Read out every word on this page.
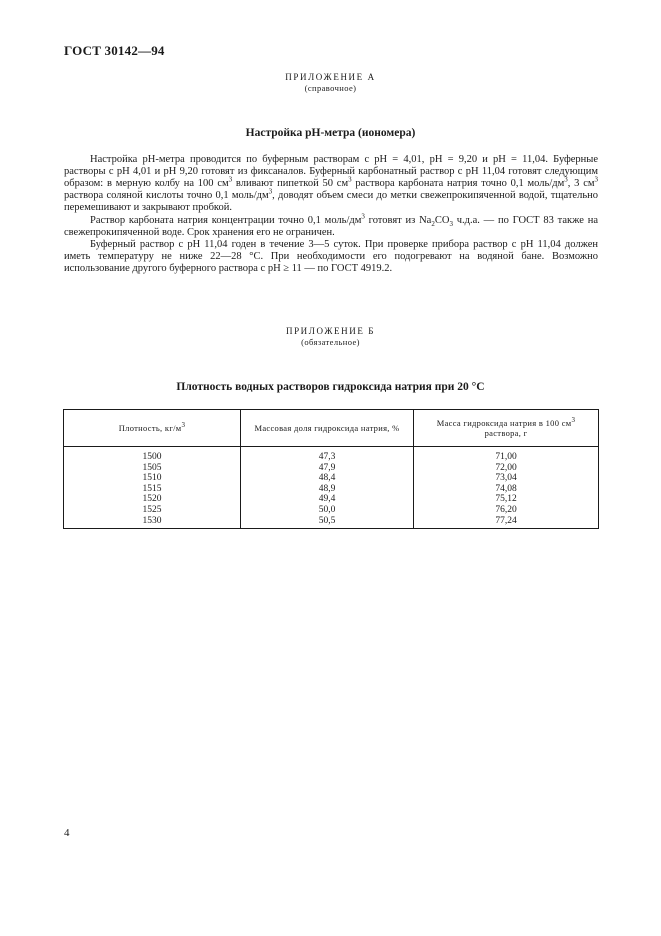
ГОСТ 30142—94
ПРИЛОЖЕНИЕ А
(справочное)
Настройка рН-метра (иономера)

Настройка рН-метра проводится по буферным растворам с рН = 4,01, рН = 9,20 и рН = 11,04. Буферные растворы с рН 4,01 и рН 9,20 готовят из фиксаналов. Буферный карбонатный раствор с рН 11,04 готовят следующим образом: в мерную колбу на 100 $см^3$ вливают пипеткой 50 $см^3$ раствора карбоната натрия точно 0,1 моль/$дм^3$, 3 $см^3$ раствора соляной кислоты точно 0,1 моль/$дм^3$, доводят объем смеси до метки свежепрокипяченной водой, тщательно перемешивают и закрывают пробкой.

Раствор карбоната натрия концентрации точно 0,1 моль/$дм^3$ готовят из $Na_2CO_3$ ч.д.а. — по ГОСТ 83 также на свежепрокипяченной воде. Срок хранения его не ограничен.

Буферный раствор с рН 11,04 годен в течение 3—5 суток. При проверке прибора раствор с рН 11,04 должен иметь температуру не ниже 22—28 °С. При необходимости его подогревают на водяной бане. Возможно использование другого буферного раствора с рН ≥ 11 — по ГОСТ 4919.2.

ПРИЛОЖЕНИЕ Б
(обязательное)
Плотность водных растворов гидроксида натрия при 20 °С
Плотность, $кг/м^3$	Массовая доля гидроксида натрия, %	Масса гидроксида натрия в 100 $см^3$ раствора, г
1500	47,3	71,00
1505	47,9	72,00
1510	48,4	73,04
1515	48,9	74,08
1520	49,4	75,12
1525	50,0	76,20
1530	50,5	77,24
4
